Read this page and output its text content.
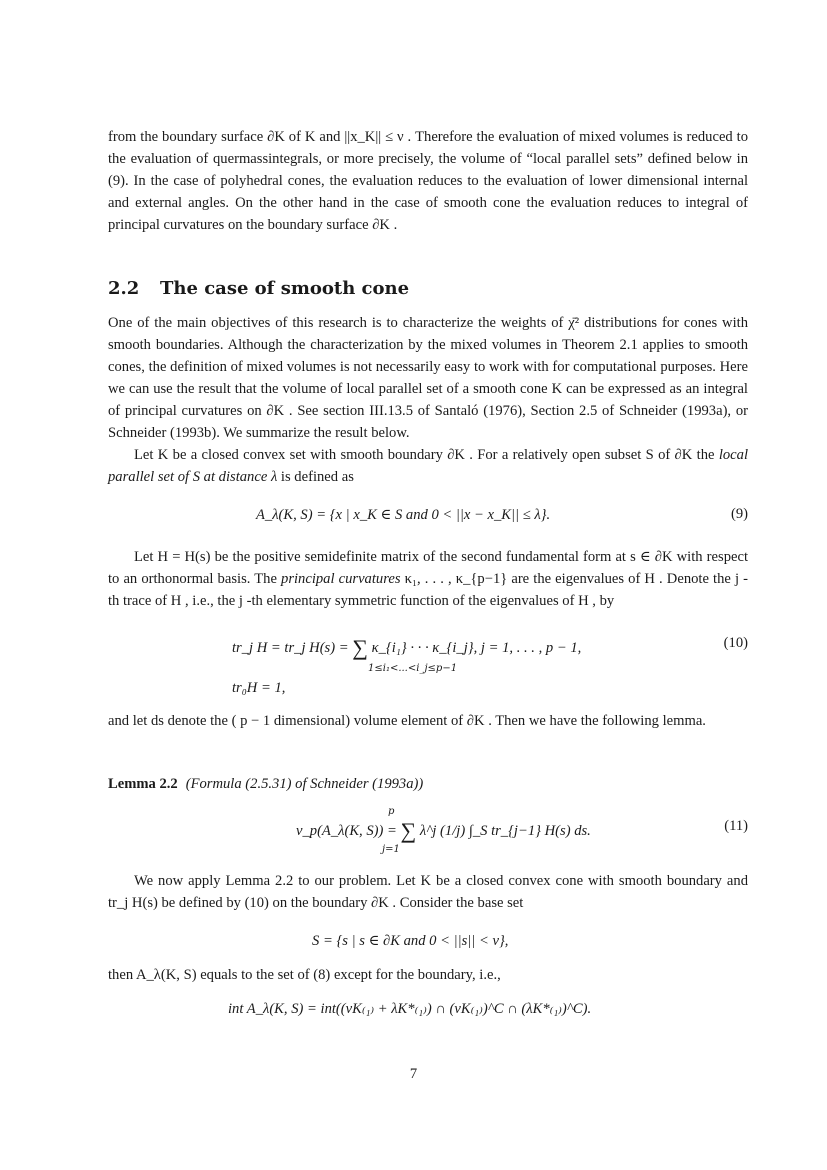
from the boundary surface ∂K of K and ||x_K|| ≤ ν . Therefore the evaluation of mixed volumes is reduced to the evaluation of quermassintegrals, or more precisely, the volume of “local parallel sets” defined below in (9). In the case of polyhedral cones, the evaluation reduces to the evaluation of lower dimensional internal and external angles. On the other hand in the case of smooth cone the evaluation reduces to integral of principal curvatures on the boundary surface ∂K .

2.2 The case of smooth cone

One of the main objectives of this research is to characterize the weights of χ̄² distributions for cones with smooth boundaries. Although the characterization by the mixed volumes in Theorem 2.1 applies to smooth cones, the definition of mixed volumes is not necessarily easy to work with for computational purposes. Here we can use the result that the volume of local parallel set of a smooth cone K can be expressed as an integral of principal curvatures on ∂K . See section III.13.5 of Santaló (1976), Section 2.5 of Schneider (1993a), or Schneider (1993b). We summarize the result below.

Let K be a closed convex set with smooth boundary ∂K . For a relatively open subset S of ∂K the local parallel set of S at distance λ is defined as

A_λ(K, S) = {x | x_K ∈ S and 0 < ||x − x_K|| ≤ λ}.	(9)

Let H = H(s) be the positive semidefinite matrix of the second fundamental form at s ∈ ∂K with respect to an orthonormal basis. The principal curvatures κ₁, . . . , κ_{p−1} are the eigenvalues of H . Denote the j -th trace of H , i.e., the j -th elementary symmetric function of the eigenvalues of H , by

tr_j H = tr_j H(s) = ∑ κ_{i₁} · · · κ_{i_j}, j = 1, . . . , p − 1,
1≤i₁<...<i_j≤p−1
(10)
tr₀H = 1,

and let ds denote the ( p − 1 dimensional) volume element of ∂K . Then we have the following lemma.

Lemma 2.2 (Formula (2.5.31) of Schneider (1993a))
p
v_p(A_λ(K, S)) = ∑ λ^j (1/j) ∫_S tr_{j−1} H(s) ds.
j=1
(11)

We now apply Lemma 2.2 to our problem. Let K be a closed convex cone with smooth boundary and tr_j H(s) be defined by (10) on the boundary ∂K . Consider the base set

S = {s | s ∈ ∂K and 0 < ||s|| < ν},

then A_λ(K, S) equals to the set of (8) except for the boundary, i.e.,

int A_λ(K, S) = int((νK₍₁₎ + λK*₍₁₎) ∩ (νK₍₁₎)^C ∩ (λK*₍₁₎)^C).
7
